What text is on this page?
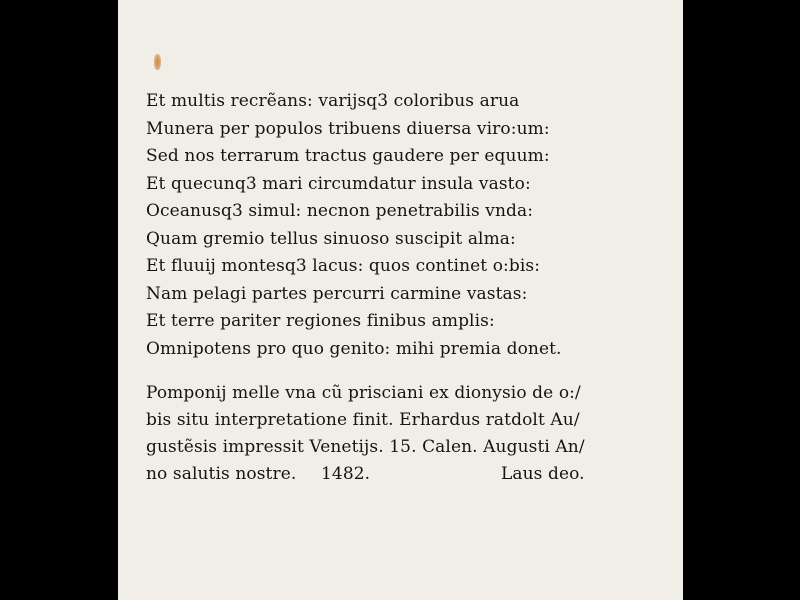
Et multis recrẽans: varijsq3 coloribus arua
Munera per populos tribuens diuersa viro:um:
Sed nos terrarum tractus gaudere per equum:
Et quecunq3 mari circumdatur insula vasto:
Oceanusq3 simul: necnon penetrabilis vnda:
Quam gremio tellus sinuoso suscipit alma:
Et fluuij montesq3 lacus: quos continet o:bis:
Nam pelagi partes percurri carmine vastas:
Et terre pariter regiones finibus amplis:
Omnipotens pro quo genito: mihi premia donet.
Pomponij melle vna cũ prisciani ex dionysio de o:/
bis situ interpretatione finit. Erhardus ratdolt Au/
gustẽsis impressit Venetijs. 15. Calen. Augusti An/
no salutis nostre. 1482.	Laus deo.
